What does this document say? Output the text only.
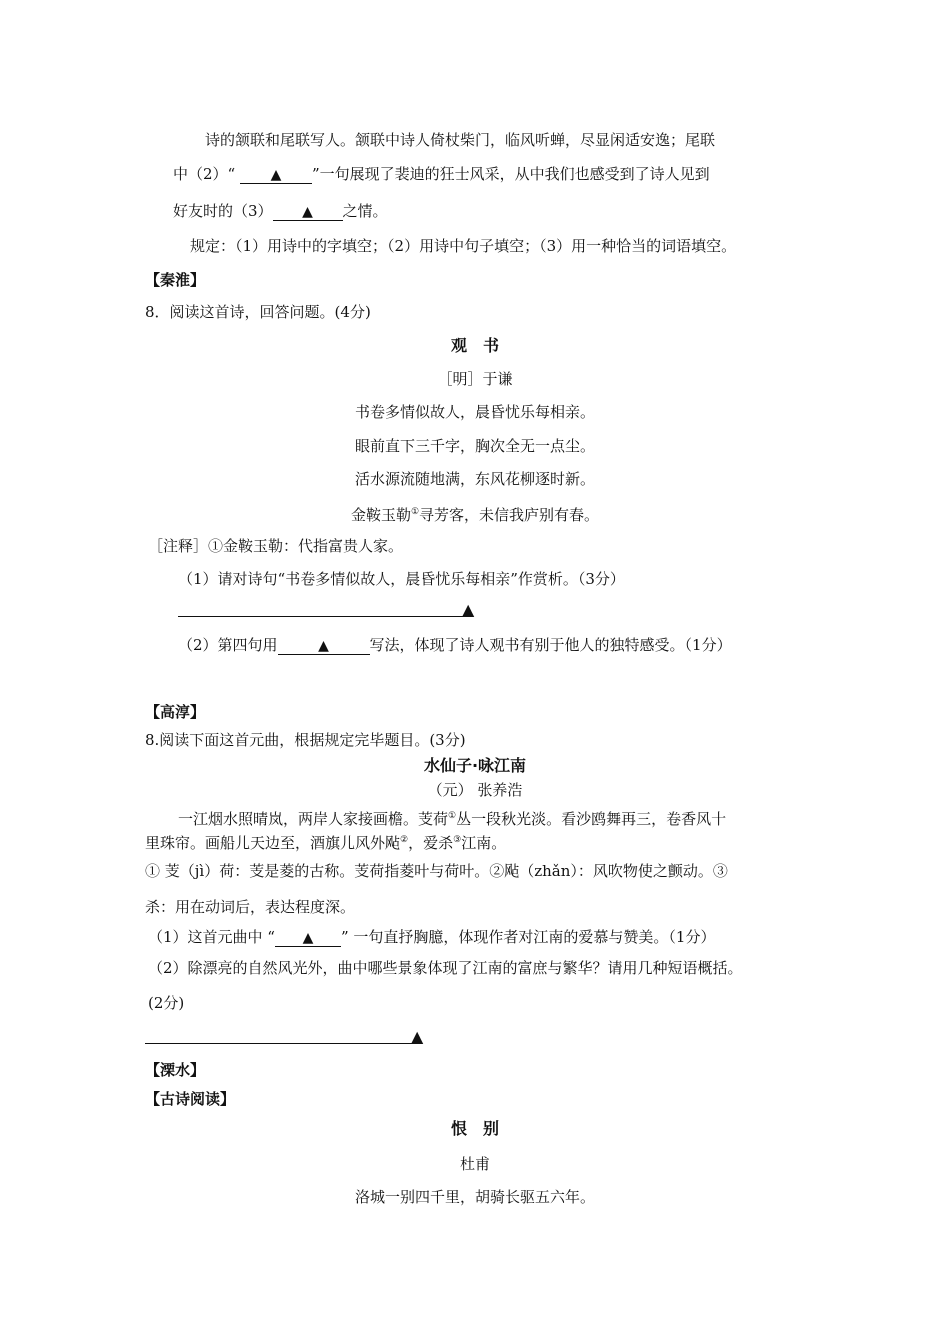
诗的颔联和尾联写人。颔联中诗人倚杖柴门，临风听蝉，尽显闲适安逸；尾联
中（2）“	▲ ”一句展现了裴迪的狂士风采，从中我们也感受到了诗人见到
好友时的（3） ▲ 之情。
规定：（1）用诗中的字填空；（2）用诗中句子填空；（3）用一种恰当的词语填空。
【秦淮】
8．阅读这首诗，回答问题。(4分)
观　书
［明］于谦
书卷多情似故人，晨昏忧乐每相亲。
眼前直下三千字，胸次全无一点尘。
活水源流随地满，东风花柳逐时新。
金鞍玉勒①寻芳客，未信我庐别有春。
［注释］①金鞍玉勒：代指富贵人家。
（1）请对诗句“书卷多情似故人，晨昏忧乐每相亲”作赏析。（3分）
▲
（2）第四句用	▲	写法，体现了诗人观书有别于他人的独特感受。（1分）
【高淳】
8.阅读下面这首元曲，根据规定完毕题目。(3分)
水仙子·咏江南
（元） 张养浩
一江烟水照晴岚，两岸人家接画檐。芰荷①丛一段秋光淡。看沙鸥舞再三，卷香风十
里珠帘。画船儿天边至，酒旗儿风外飐②，爱杀③江南。
① 芰（jì）荷：芰是菱的古称。芰荷指菱叶与荷叶。②飐（zhǎn）：风吹物使之颤动。③
杀：用在动词后，表达程度深。
（1）这首元曲中 “ ▲ ” 一句直抒胸臆，体现作者对江南的爱慕与赞美。（1分）
（2）除漂亮的自然风光外，曲中哪些景象体现了江南的富庶与繁华？请用几种短语概括。
(2分)
▲
【溧水】
【古诗阅读】
恨　别
杜甫
洛城一别四千里，胡骑长驱五六年。
